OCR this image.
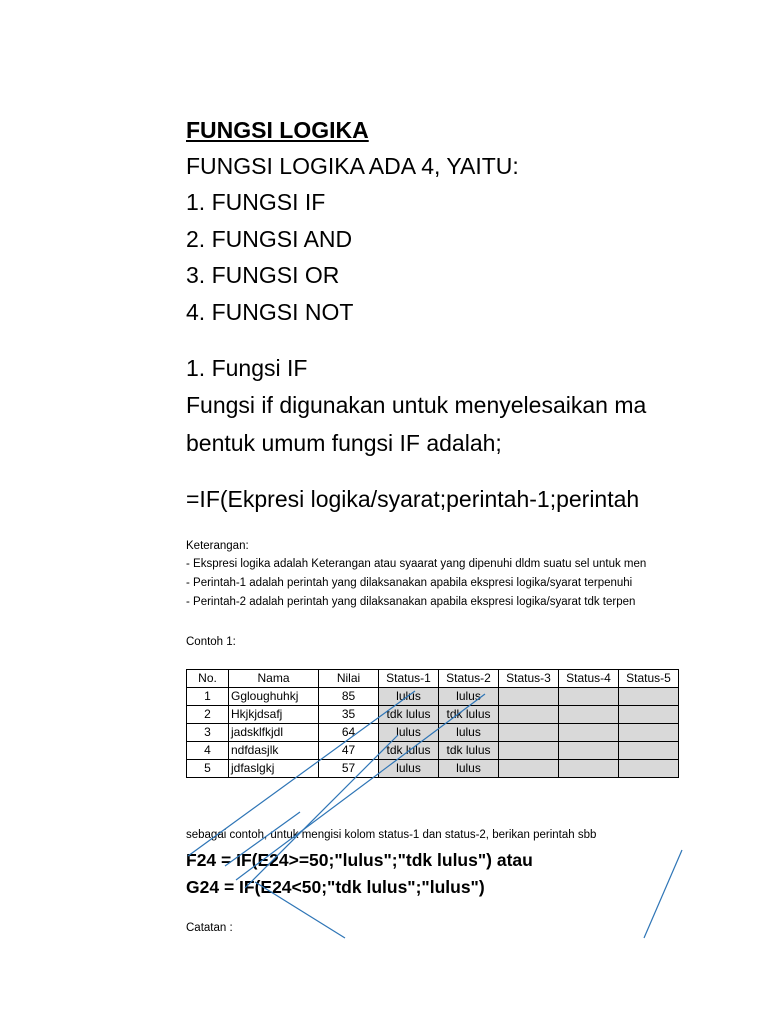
FUNGSI LOGIKA
FUNGSI LOGIKA ADA 4, YAITU:
1. FUNGSI IF
2. FUNGSI AND
3. FUNGSI OR
4. FUNGSI NOT
1. Fungsi IF
Fungsi if digunakan untuk menyelesaikan ma
bentuk umum fungsi IF adalah;
=IF(Ekpresi logika/syarat;perintah-1;perintah
Keterangan:
- Ekspresi logika adalah Keterangan atau syaarat yang dipenuhi dldm suatu sel untuk men
- Perintah-1 adalah perintah yang dilaksanakan apabila ekspresi logika/syarat terpenuhi
- Perintah-2 adalah perintah yang dilaksanakan apabila ekspresi logika/syarat tdk terpen
Contoh 1:
No.	Nama	Nilai	Status-1	Status-2	Status-3	Status-4	Status-5
1	Ggloughuhkj	85	lulus	lulus			
2	Hkjkjdsafj	35	tdk lulus	tdk lulus			
3	jadsklfkjdl	64	lulus	lulus			
4	ndfdasjlk	47	tdk lulus	tdk lulus			
5	jdfaslgkj	57	lulus	lulus			
sebagai contoh, untuk mengisi kolom status-1 dan status-2, berikan perintah sbb
F24 = IF(E24>=50;"lulus";"tdk lulus") atau
G24 = IF(E24<50;"tdk lulus";"lulus")
Catatan :
